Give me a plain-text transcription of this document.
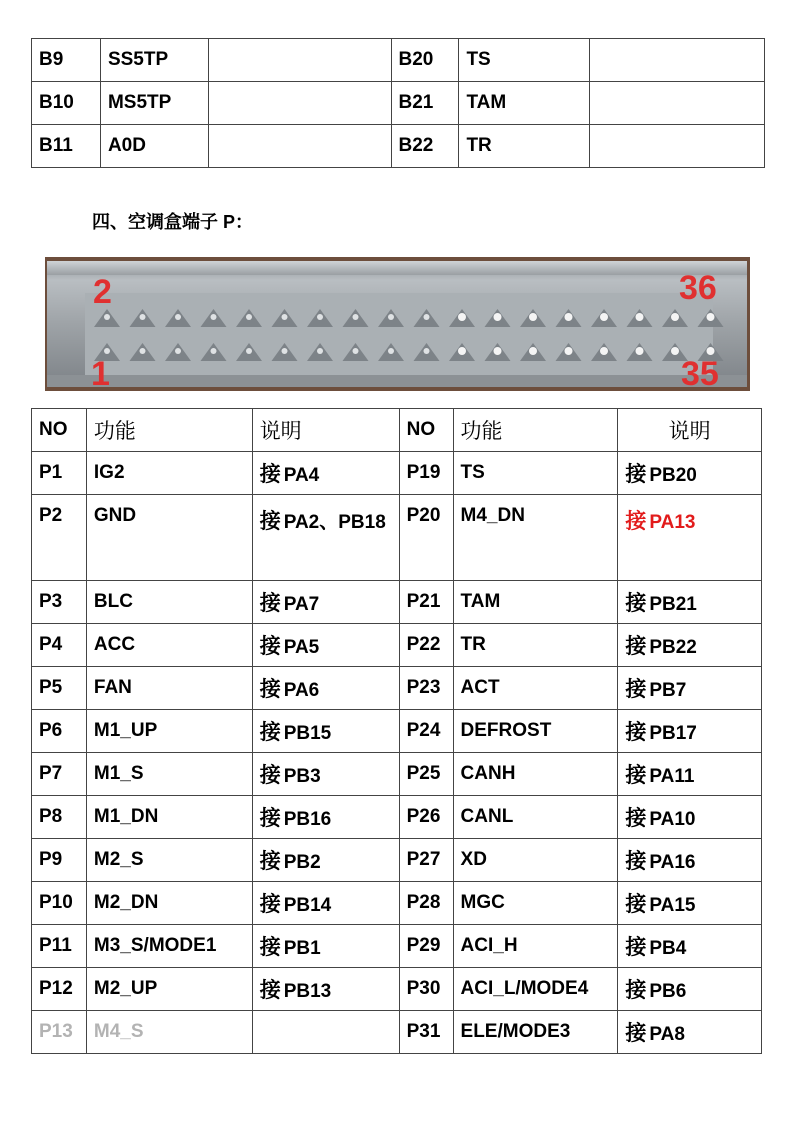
B9	SS5TP		B20	TS	
B10	MS5TP		B21	TAM	
B11	A0D		B22	TR	
四、空调盒端子 P：
2
1
36
35
NO	功能	说明	NO	功能	说明
P1	IG2	接 PA4	P19	TS	接 PB20
P2	GND	接 PA2、PB18	P20	M4_DN	接 PA13
P3	BLC	接 PA7	P21	TAM	接 PB21
P4	ACC	接 PA5	P22	TR	接 PB22
P5	FAN	接 PA6	P23	ACT	接 PB7
P6	M1_UP	接 PB15	P24	DEFROST	接 PB17
P7	M1_S	接 PB3	P25	CANH	接 PA11
P8	M1_DN	接 PB16	P26	CANL	接 PA10
P9	M2_S	接 PB2	P27	XD	接 PA16
P10	M2_DN	接 PB14	P28	MGC	接 PA15
P11	M3_S/MODE1	接 PB1	P29	ACI_H	接 PB4
P12	M2_UP	接 PB13	P30	ACI_L/MODE4	接 PB6
P13	M4_S		P31	ELE/MODE3	接 PA8
